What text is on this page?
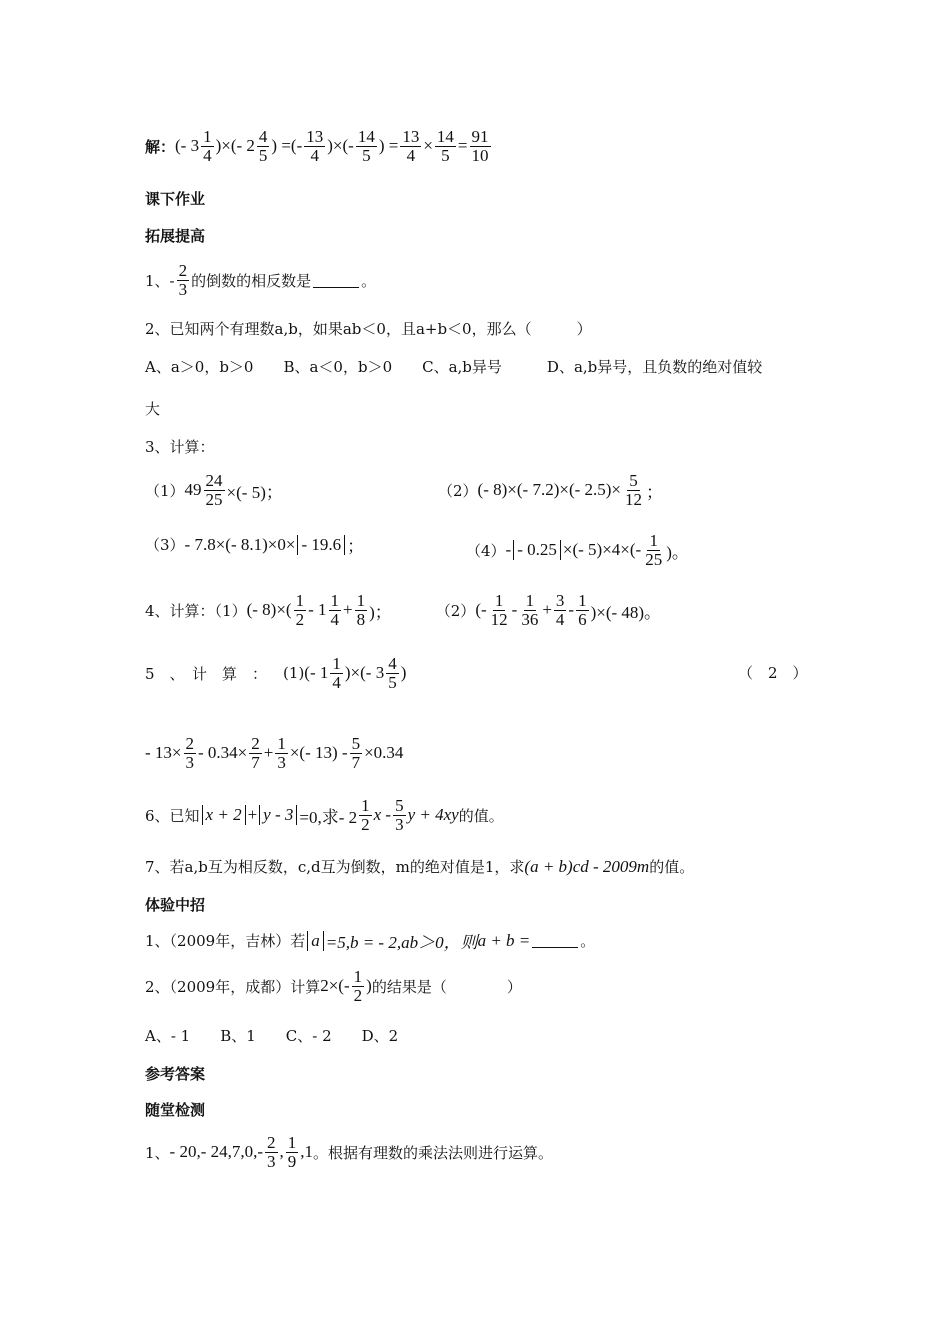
解： (- $3 \frac{1}{4}$ )×(- $2 \frac{4}{5}$ ) =(- $\frac{13}{4}$ )×(- $\frac{14}{5}$ ) = $\frac{13}{4} \times \frac{14}{5} = \frac{91}{10}$
课下作业
拓展提高
1、- $\frac{2}{3}$ 的倒数的相反数是	。
2、已知两个有理数a,b，如果ab＜0，且a+b＜0，那么（　　　）
A、a＞0，b＞0　　B、a＜0，b＞0　　C、a,b异号　　　D、a,b异号，且负数的绝对值较
大
3、计算：
（1） $49 \frac{24}{25}$ ×(- 5)；	（2） (- 8)×(- 7.2)×(- $2.5)\times \frac{5}{12}$ ；
（3） - 7.8×(- 8.1)×0× - 19.6 ；	（4） - - 0.25 ×(- $5)\times 4\times(- \frac{1}{25}$ )。
4、计算：（1） (- $8)\times( \frac{1}{2} - 1 \frac{1}{4} + \frac{1}{8}$ )；	（2） (- $\frac{1}{12} - \frac{1}{36} + \frac{3}{4} - \frac{1}{6}$ )×(- 48)。
5　、　计　算　： (1) (- $1 \frac{1}{4}$ )×(- $3 \frac{4}{5}$ )	（　2　）
- $13\times \frac{2}{3} - 0.34\times \frac{2}{7} + \frac{1}{3}$ ×(- $13) - \frac{5}{7} \times 0.34$
6、已知 x + 2 + y - 3 =0,求- $2 \frac{1}{2}$ x - $\frac{5}{3}$ y + 4xy 的值。
7、若a,b互为相反数，c,d互为倒数，m的绝对值是1，求 (a + b)cd - 2009m 的值。
体验中招
1、（2009年，吉林）若 a =5,b = - 2,ab＞0，则 a + b =	。
2、（2009年，成都）计算 $2\times(- \frac{1}{2}$ ) 的结果是（　　　　）
A、- 1　　B、1　　C、- 2　　D、2
参考答案
随堂检测
1、 - 20,- $24,7,0,- \frac{2}{3}$ , $\frac{1}{9} ,1$ 。根据有理数的乘法法则进行运算。
